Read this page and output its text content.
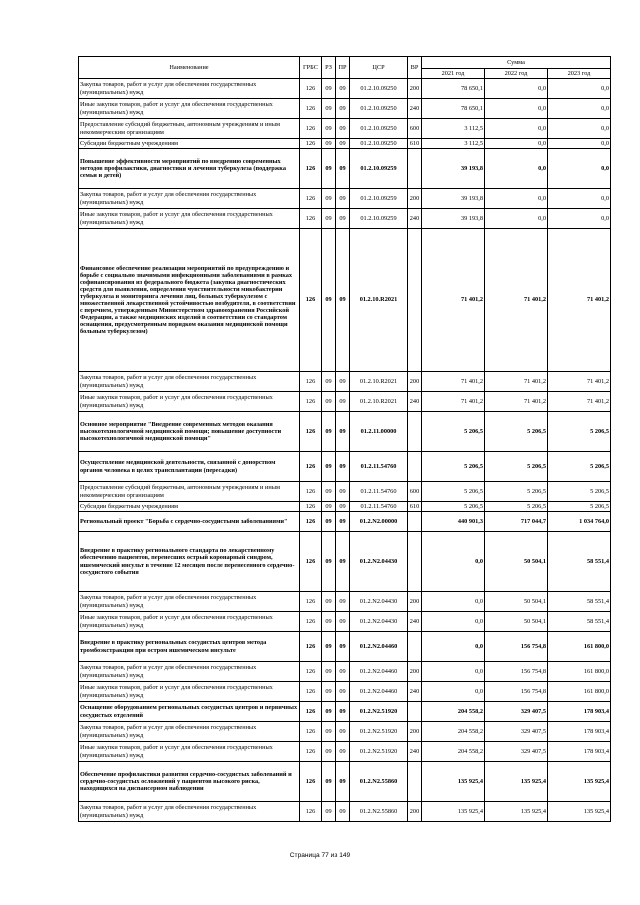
Наименование	ГРБС	РЗ	ПР	ЦСР	ВР	Сумма		
						2021 год	2022 год	2023 год
Закупка товаров, работ и услуг для обеспечения государственных (муниципальных) нужд	126	09	09	01.2.10.09250	200	78 650,1	0,0	0,0
Иные закупки товаров, работ и услуг для обеспечения государственных (муниципальных) нужд	126	09	09	01.2.10.09250	240	78 650,1	0,0	0,0
Предоставление субсидий бюджетным, автономным учреждениям и иным некоммерческим организациям	126	09	09	01.2.10.09250	600	3 112,5	0,0	0,0
Субсидии бюджетным учреждениям	126	09	09	01.2.10.09250	610	3 112,5	0,0	0,0
Повышение эффективности мероприятий по внедрению современных методов профилактики, диагностики и лечения туберкулеза (поддержка семьи и детей)	126	09	09	01.2.10.09259		39 193,8	0,0	0,0
Закупка товаров, работ и услуг для обеспечения государственных (муниципальных) нужд	126	09	09	01.2.10.09259	200	39 193,8	0,0	0,0
Иные закупки товаров, работ и услуг для обеспечения государственных (муниципальных) нужд	126	09	09	01.2.10.09259	240	39 193,8	0,0	0,0
Финансовое обеспечение реализации мероприятий по предупреждению и борьбе с социально значимыми инфекционными заболеваниями в рамках софинансирования из федерального бюджета (закупка диагностических средств для выявления, определения чувствительности микобактерии туберкулеза и мониторинга лечения лиц, больных туберкулезом с множественной лекарственной устойчивостью возбудителя, в соответствии с перечнем, утвержденным Министерством здравоохранения Российской Федерации, а также медицинских изделий в соответствии со стандартом оснащения, предусмотренным порядком оказания медицинской помощи больным туберкулезом)	126	09	09	01.2.10.R2021		71 401,2	71 401,2	71 401,2
Закупка товаров, работ и услуг для обеспечения государственных (муниципальных) нужд	126	09	09	01.2.10.R2021	200	71 401,2	71 401,2	71 401,2
Иные закупки товаров, работ и услуг для обеспечения государственных (муниципальных) нужд	126	09	09	01.2.10.R2021	240	71 401,2	71 401,2	71 401,2
Основное мероприятие "Внедрение современных методов оказания высокотехнологичной медицинской помощи; повышение доступности высокотехнологичной медицинской помощи"	126	09	09	01.2.11.00000		5 206,5	5 206,5	5 206,5
Осуществление медицинской деятельности, связанной с донорством органов человека в целях трансплантации (пересадки)	126	09	09	01.2.11.54760		5 206,5	5 206,5	5 206,5
Предоставление субсидий бюджетным, автономным учреждениям и иным некоммерческим организациям	126	09	09	01.2.11.54760	600	5 206,5	5 206,5	5 206,5
Субсидии бюджетным учреждениям	126	09	09	01.2.11.54760	610	5 206,5	5 206,5	5 206,5
Региональный проект "Борьба с сердечно-сосудистыми заболеваниями"	126	09	09	01.2.N2.00000		440 901,3	717 044,7	1 034 764,0
Внедрение в практику регионального стандарта по лекарственному обеспечению пациентов, перенесших острый коронарный синдром, ишемический инсульт в течение 12 месяцев после перенесенного сердечно-сосудистого события	126	09	09	01.2.N2.04430		0,0	50 504,1	58 551,4
Закупка товаров, работ и услуг для обеспечения государственных (муниципальных) нужд	126	09	09	01.2.N2.04430	200	0,0	50 504,1	58 551,4
Иные закупки товаров, работ и услуг для обеспечения государственных (муниципальных) нужд	126	09	09	01.2.N2.04430	240	0,0	50 504,1	58 551,4
Внедрение в практику региональных сосудистых центров метода тромбоэкстракции при остром ишемическом инсульте	126	09	09	01.2.N2.04460		0,0	156 754,8	161 800,0
Закупка товаров, работ и услуг для обеспечения государственных (муниципальных) нужд	126	09	09	01.2.N2.04460	200	0,0	156 754,8	161 800,0
Иные закупки товаров, работ и услуг для обеспечения государственных (муниципальных) нужд	126	09	09	01.2.N2.04460	240	0,0	156 754,8	161 800,0
Оснащение оборудованием региональных сосудистых центров и первичных сосудистых отделений	126	09	09	01.2.N2.51920		204 558,2	329 407,5	178 903,4
Закупка товаров, работ и услуг для обеспечения государственных (муниципальных) нужд	126	09	09	01.2.N2.51920	200	204 558,2	329 407,5	178 903,4
Иные закупки товаров, работ и услуг для обеспечения государственных (муниципальных) нужд	126	09	09	01.2.N2.51920	240	204 558,2	329 407,5	178 903,4
Обеспечение профилактики развития сердечно-сосудистых заболеваний и сердечно-сосудистых осложнений у пациентов высокого риска, находящихся на диспансерном наблюдении	126	09	09	01.2.N2.55860		135 925,4	135 925,4	135 925,4
Закупка товаров, работ и услуг для обеспечения государственных (муниципальных) нужд	126	09	09	01.2.N2.55860	200	135 925,4	135 925,4	135 925,4
Страница 77 из 149
